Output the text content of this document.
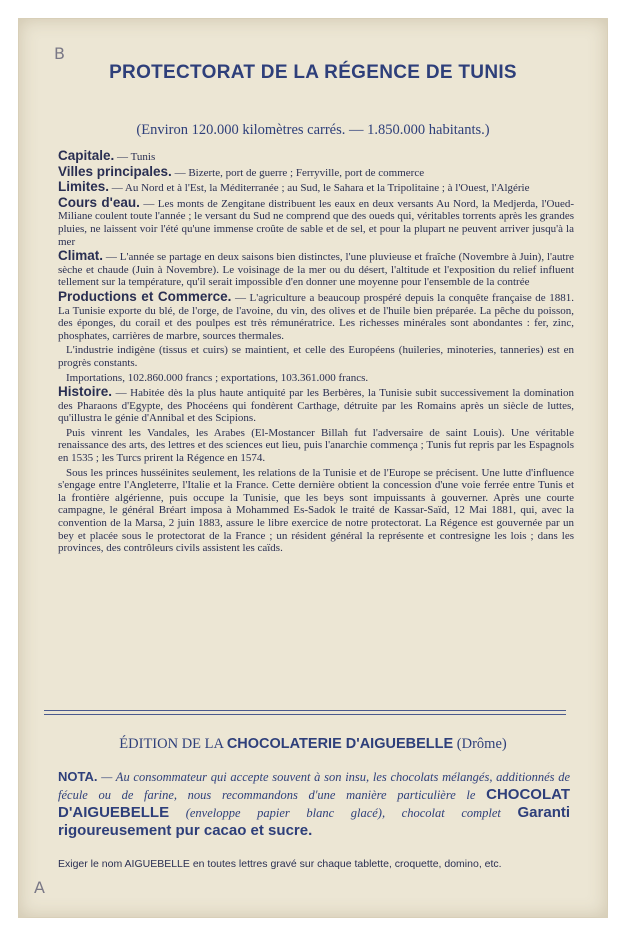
B
A
PROTECTORAT DE LA RÉGENCE DE TUNIS
(Environ 120.000 kilomètres carrés. — 1.850.000 habitants.)

Capitale. — Tunis

Villes principales. — Bizerte, port de guerre ; Ferryville, port de commerce

Limites. — Au Nord et à l'Est, la Méditerranée ; au Sud, le Sahara et la Tripolitaine ; à l'Ouest, l'Algérie

Cours d'eau. — Les monts de Zengitane distribuent les eaux en deux versants Au Nord, la Medjerda, l'Oued-Miliane coulent toute l'année ; le versant du Sud ne comprend que des oueds qui, véritables torrents après les grandes pluies, ne laissent voir l'été qu'une immense croûte de sable et de sel, et pour la plupart ne peuvent arriver jusqu'à la mer

Climat. — L'année se partage en deux saisons bien distinctes, l'une pluvieuse et fraîche (Novembre à Juin), l'autre sèche et chaude (Juin à Novembre). Le voisinage de la mer ou du désert, l'altitude et l'exposition du relief influent tellement sur la température, qu'il serait impossible d'en donner une moyenne pour l'ensemble de la contrée

Productions et Commerce. — L'agriculture a beaucoup prospéré depuis la conquête française de 1881. La Tunisie exporte du blé, de l'orge, de l'avoine, du vin, des olives et de l'huile bien préparée. La pêche du poisson, des éponges, du corail et des poulpes est très rémunératrice. Les richesses minérales sont abondantes : fer, zinc, phosphates, carrières de marbre, sources thermales.

L'industrie indigène (tissus et cuirs) se maintient, et celle des Européens (huileries, minoteries, tanneries) est en progrès constants.

Importations, 102.860.000 francs ; exportations, 103.361.000 francs.

Histoire. — Habitée dès la plus haute antiquité par les Berbères, la Tunisie subit successivement la domination des Pharaons d'Egypte, des Phocéens qui fondèrent Carthage, détruite par les Romains après un siècle de luttes, qu'illustra le génie d'Annibal et des Scipions.

Puis vinrent les Vandales, les Arabes (El-Mostancer Billah fut l'adversaire de saint Louis). Une véritable renaissance des arts, des lettres et des sciences eut lieu, puis l'anarchie commença ; Tunis fut repris par les Espagnols en 1535 ; les Turcs prirent la Régence en 1574.

Sous les princes husséinites seulement, les relations de la Tunisie et de l'Europe se précisent. Une lutte d'influence s'engage entre l'Angleterre, l'Italie et la France. Cette dernière obtient la concession d'une voie ferrée entre Tunis et la frontière algérienne, puis occupe la Tunisie, que les beys sont impuissants à gouverner. Après une courte campagne, le général Bréart imposa à Mohammed Es-Sadok le traité de Kassar-Saïd, 12 Mai 1881, qui, avec la convention de la Marsa, 2 juin 1883, assure le libre exercice de notre protectorat. La Régence est gouvernée par un bey et placée sous le protectorat de la France ; un résident général la représente et contresigne les lois ; dans les provinces, des contrôleurs civils assistent les caïds.

ÉDITION DE LA CHOCOLATERIE D'AIGUEBELLE (Drôme)
NOTA. — Au consommateur qui accepte souvent à son insu, les chocolats mélangés, additionnés de fécule ou de farine, nous recommandons d'une manière particulière le CHOCOLAT D'AIGUEBELLE (enveloppe papier blanc glacé), chocolat complet Garanti rigoureusement pur cacao et sucre.
Exiger le nom AIGUEBELLE en toutes lettres gravé sur chaque tablette, croquette, domino, etc.
